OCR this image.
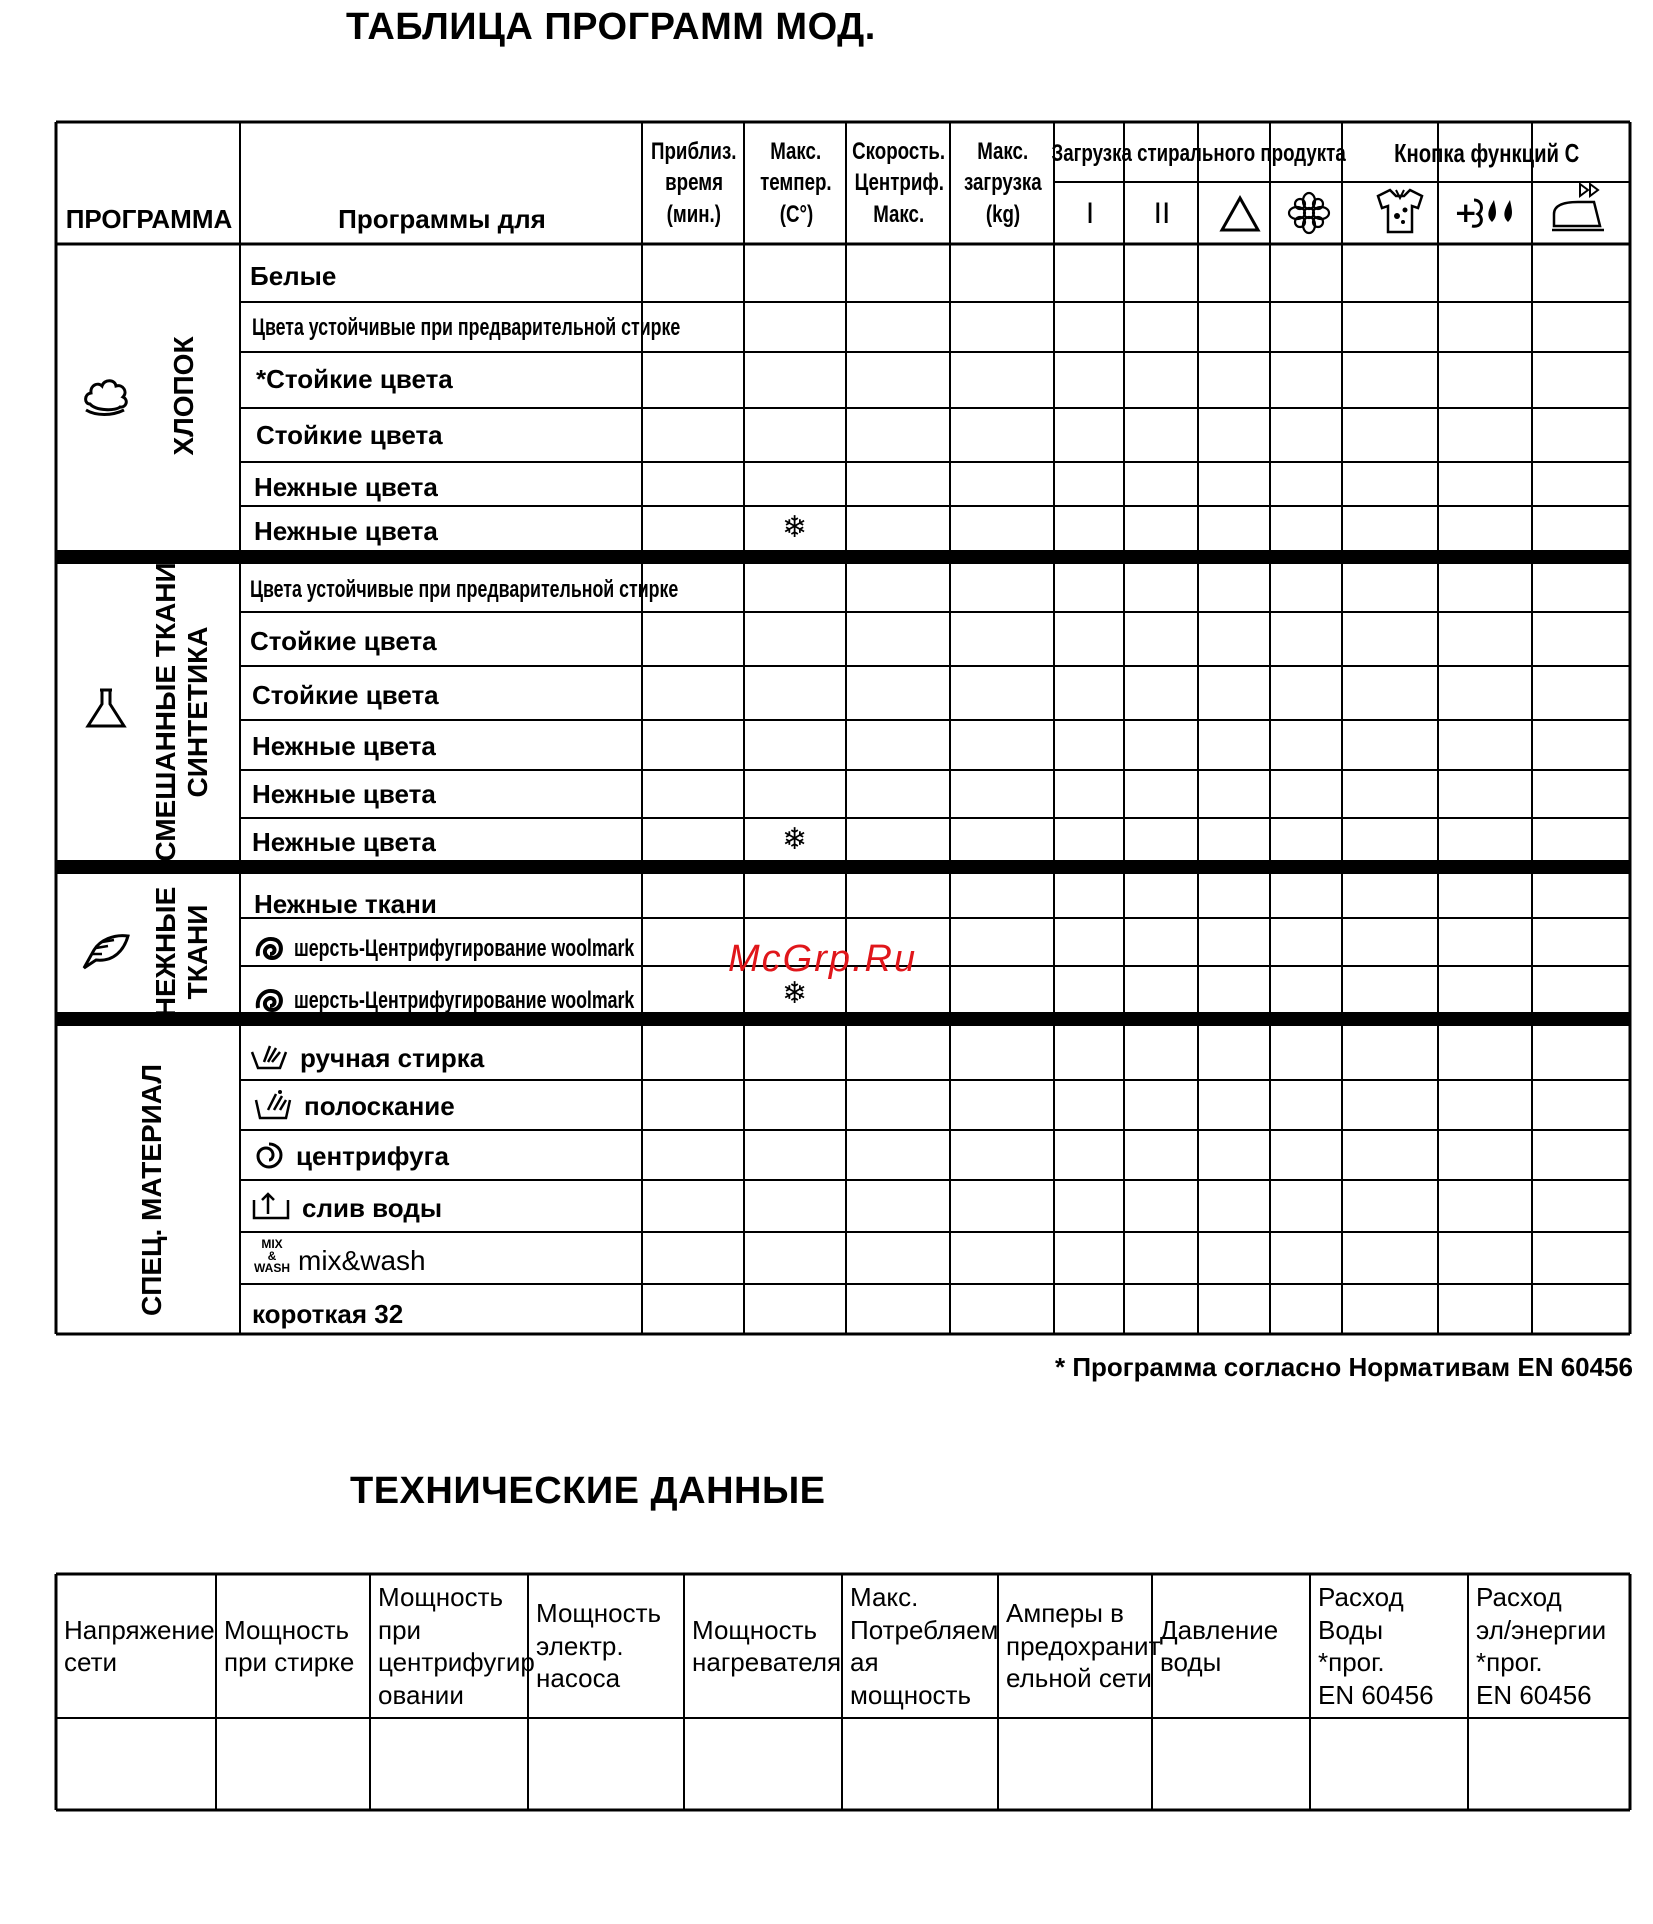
ТАБЛИЦА ПРОГРАММ МОД.
ПРОГРАММА	Программы для
Приблиз.
время
(мин.)
Макс.
темпер.
(C°)
Скорость.
Центриф.
Макс.
Макс.
загрузка
(kg)
Загрузка стирального продукта Кнопка функций С
I II	+
ХЛОПОК
СМЕШАННЫЕ ТКАНИ СИНТЕТИКА
НЕЖНЫЕ ТКАНИ
СПЕЦ. МАТЕРИАЛ
Белые
Цвета устойчивые при предварительной стирке
*Стойкие цвета
Стойкие цвета
Нежные цвета
Нежные цвета
Цвета устойчивые при предварительной стирке
Стойкие цвета
Стойкие цвета
Нежные цвета
Нежные цвета
Нежные цвета
Нежные ткани
шерсть-Центрифугирование woolmark
шерсть-Центрифугирование woolmark
ручная стирка
полоскание
центрифуга
слив воды
MIX
&
WASH mix&wash
короткая 32
❄
❄
❄
* Программа согласно Нормативам EN 60456
McGrp.Ru
ТЕХНИЧЕСКИЕ ДАННЫЕ
Напряжение
сети
Мощность
при стирке
Мощность
при
центрифугир
овании
Мощность
электр.
насоса
Мощность
нагревателя
Макс.
Потребляем
ая
мощность
Амперы в
предохранит
ельной сети
Давление
воды
Расход
Воды
*прог.
EN 60456
Расход
эл/энергии
*прог.
EN 60456
